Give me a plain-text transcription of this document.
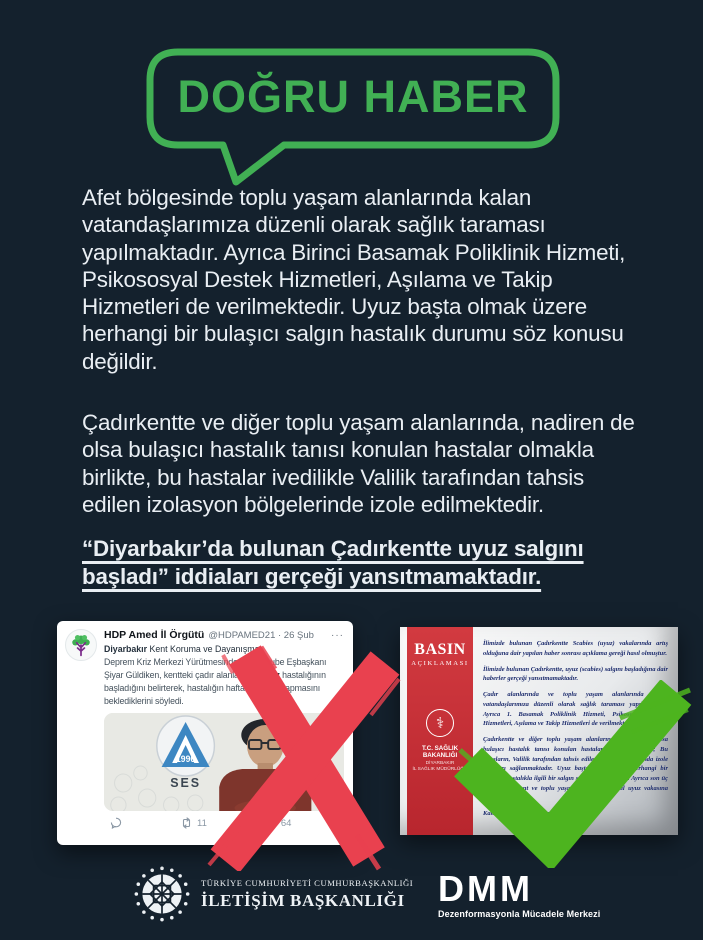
DOĞRU HABER

Afet bölgesinde toplu yaşam alanlarında kalan vatandaşlarımıza düzenli olarak sağlık taraması yapılmaktadır. Ayrıca Birinci Basamak Poliklinik Hizmeti, Psikososyal Destek Hizmetleri, Aşılama ve Takip Hizmetleri de verilmektedir. Uyuz başta olmak üzere herhangi bir bulaşıcı salgın hastalık durumu söz konusu değildir.

Çadırkentte ve diğer toplu yaşam alanlarında, nadiren de olsa bulaşıcı hastalık tanısı konulan hastalar olmakla birlikte, bu hastalar ivedilikle Valilik tarafından tahsis edilen izolasyon bölgelerinde izole edilmektedir.

“Diyarbakır’da bulunan Çadırkentte uyuz salgını başladı” iddiaları gerçeği yansıtmamaktadır.

HDP Amed İl Örgütü @HDPAMED21 · 26 Şub ···
Diyarbakır Kent Koruma ve Dayanışma
Deprem Kriz Merkezi Yürütmesinden SES Şube Eşbaşkanı Şiyar Güldiken, kentteki çadır alanlarında uyuz hastalığının başladığını belirterek, hastalığın hafta sonu pik yapmasını beklediklerini söyledi.
1996
SES
11	64
BASIN
AÇIKLAMASI
⚕
T.C. SAĞLIK BAKANLIĞI
DİYARBAKIR
İL SAĞLIK MÜDÜRLÜĞÜ

İlimizde bulunan Çadırkentte Scabies (uyuz) vakalarında artış olduğuna dair yapılan haber sonrası açıklama gereği hasıl olmuştur.

İlimizde bulunan Çadırkentte, uyuz (scabies) salgını başladığına dair haberler gerçeği yansıtmamaktadır.

Çadır alanlarında ve toplu yaşam alanlarında kalan vatandaşlarımıza düzenli olarak sağlık taraması yapılmaktadır. Ayrıca 1. Basamak Poliklinik Hizmeti, Psikososyal Destek Hizmetleri, Aşılama ve Takip Hizmetleri de verilmektedir.

Çadırkentte ve diğer toplu yaşam alanlarında nadiren de olsa bulaşıcı hastalık tanısı konulan hastalar olmakla birlikte; Bu vakaların, Valilik tarafından tahsis edilen izolasyon yurdunda izole olmaları sağlanmaktadır. Uyuz başta olmak üzere herhangi bir bulaşıcı hastalıkla ilgili bir salgın söz konusu değildir. Ayrıca son üç günde çadırkent ve toplu yaşam alanlarında tekil uyuz vakasına rastlanmamıştır.

Kamuoyuna saygıyla duyurulur.

TÜRKİYE CUMHURİYETİ CUMHURBAŞKANLIĞI
İLETİŞİM BAŞKANLIĞI DMM
Dezenformasyonla Mücadele Merkezi
